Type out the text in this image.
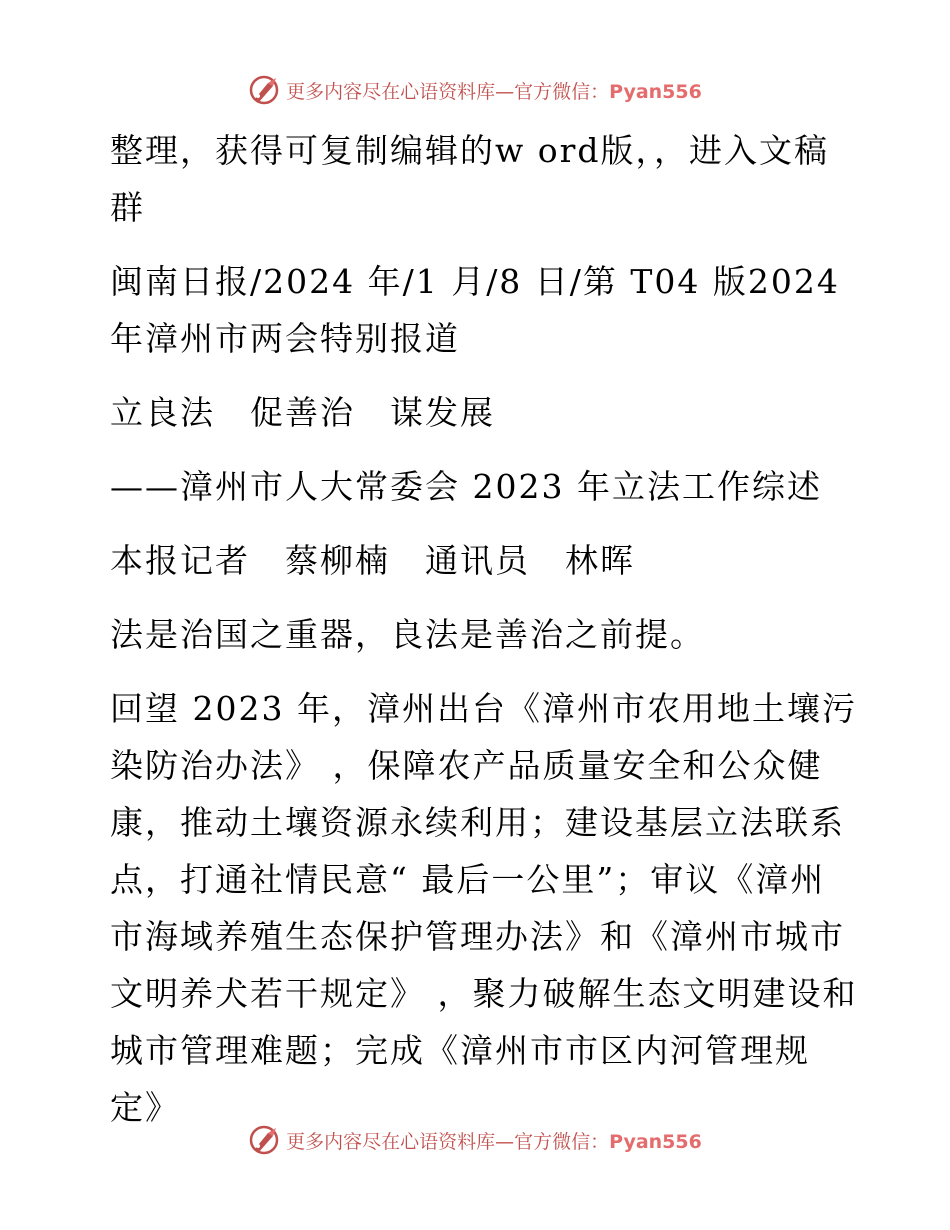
更多内容尽在心语资料库—官方微信：Pyan556

整理，获得可复制编辑的w ord版，，进入文稿群

闽南日报/2024 年/1 月/8 日/第 T04 版2024 年漳州市两会特别报道

立良法　促善治　谋发展

——漳州市人大常委会 2023 年立法工作综述

本报记者　蔡柳楠　通讯员　林晖

法是治国之重器，良法是善治之前提。

回望 2023 年，漳州出台《漳州市农用地土壤污染防治办法》 ，保障农产品质量安全和公众健康，推动土壤资源永续利用；建设基层立法联系点，打通社情民意“ 最后一公里”；审议《漳州市海域养殖生态保护管理办法》和《漳州市城市文明养犬若干规定》 ，聚力破解生态文明建设和城市管理难题；完成《漳州市市区内河管理规定》

更多内容尽在心语资料库—官方微信：Pyan556
